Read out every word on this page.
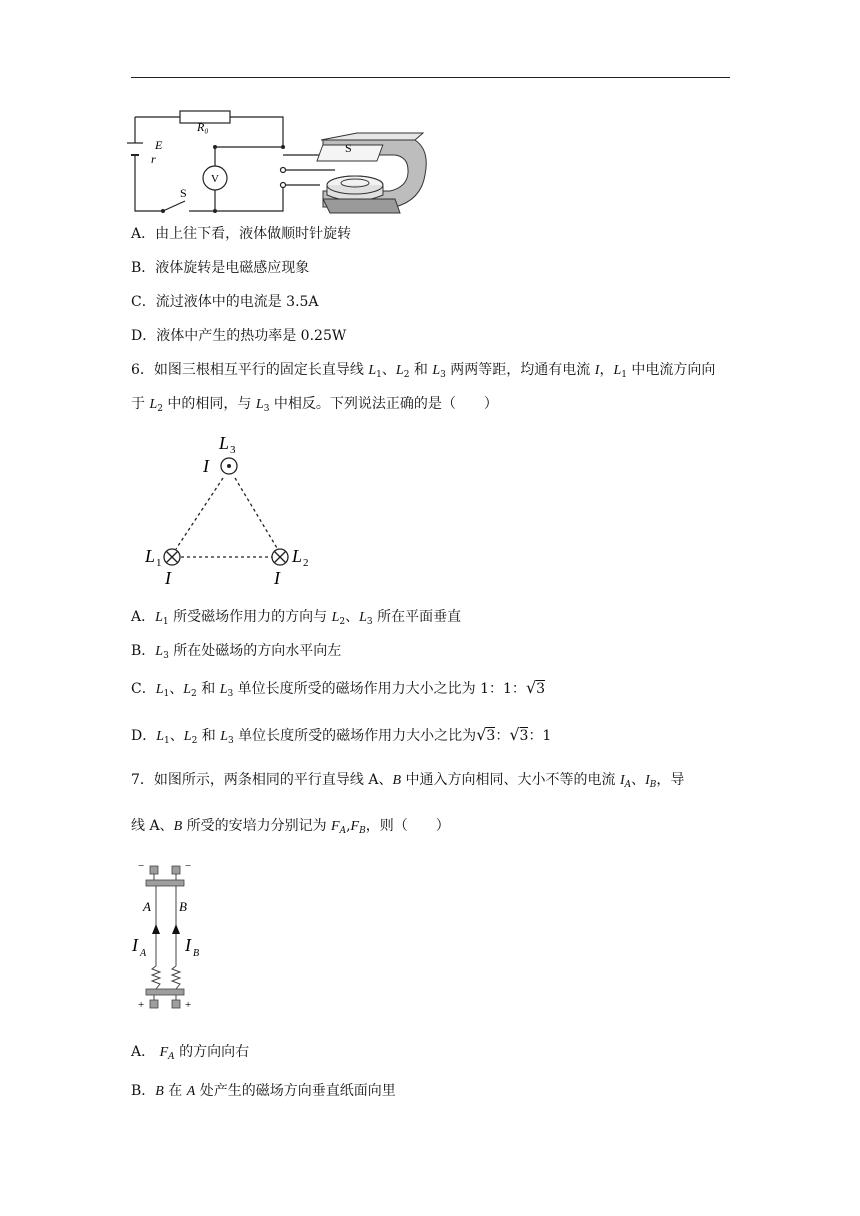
R₀
E
r
V
S
S
A．由上往下看，液体做顺时针旋转
B．液体旋转是电磁感应现象
C．流过液体中的电流是 3.5A
D．液体中产生的热功率是 0.25W
6．如图三根相互平行的固定长直导线 $L_1$、$L_2$ 和 $L_3$ 两两等距，均通有电流 I，$L_1$ 中电流方向向
于 $L_2$ 中的相同，与 $L_3$ 中相反。下列说法正确的是（　　）
L 3
I
L 1
I
L 2
I
A．$L_1$ 所受磁场作用力的方向与 $L_2$、$L_3$ 所在平面垂直
B．$L_3$ 所在处磁场的方向水平向左
C．$L_1$、$L_2$ 和 $L_3$ 单位长度所受的磁场作用力大小之比为 1：1：√3
D．$L_1$、$L_2$ 和 $L_3$ 单位长度所受的磁场作用力大小之比为√3：√3：1
7．如图所示，两条相同的平行直导线 A、B 中通入方向相同、大小不等的电流 $I_A$、$I_B$，导
线 A、B 所受的安培力分别记为 $F_A,F_B$，则（　　）
−	−
+	+
A B
I A I B
A． $F_A$ 的方向向右
B．B 在 A 处产生的磁场方向垂直纸面向里
